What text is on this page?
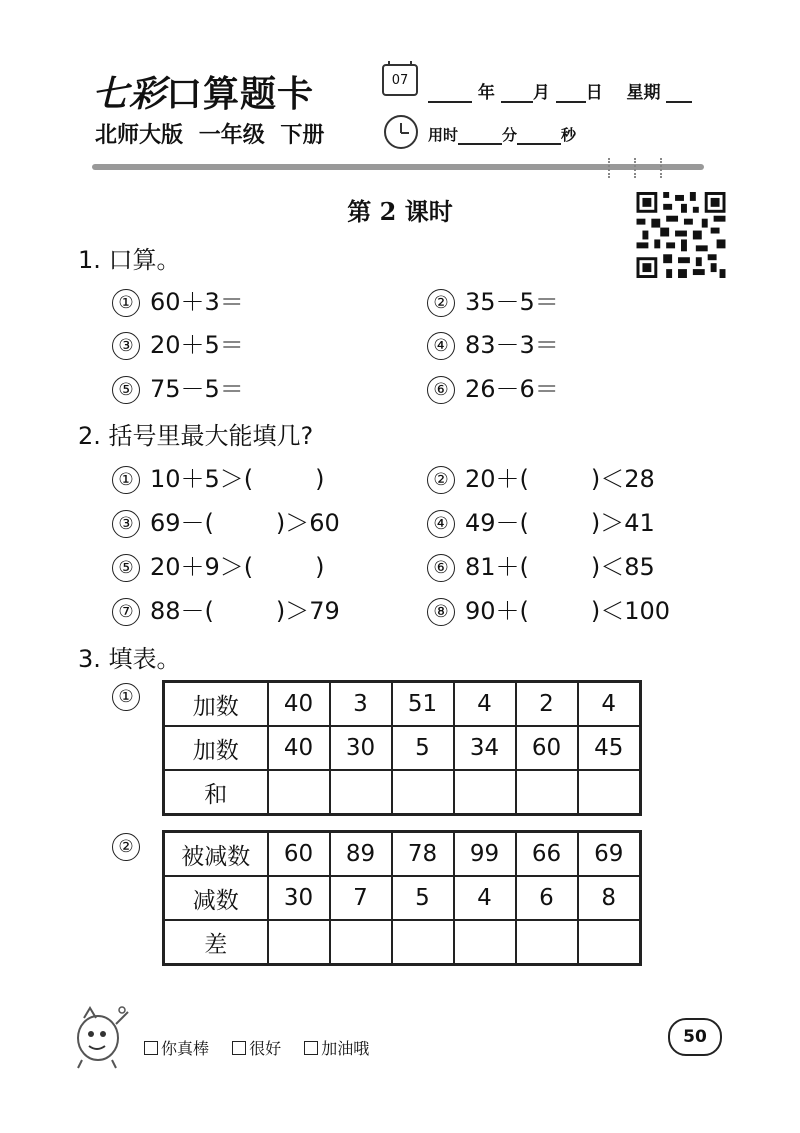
七彩口算题卡	07
年 月 日 星期
北师大版 一年级 下册	用时	分	秒
第 2 课时
1. 口算。
① 60＋3＝	② 35－5＝
③ 20＋5＝	④ 83－3＝
⑤ 75－5＝	⑥ 26－6＝
2. 括号里最大能填几?
① 10＋5＞(	)	② 20＋(	)＜28
③ 69－(	)＞60	④ 49－(	)＞41
⑤ 20＋9＞(	)	⑥ 81＋(	)＜85
⑦ 88－(	)＞79	⑧ 90＋(	)＜100
3. 填表。
①	加数	40	3	51	4	2	4
加数	40	30	5	34	60	45
和						
② 被减数	60	89	78	99	66	69
减数	30	7	5	4	6	8
差						
你真棒	很好	加油哦
50
